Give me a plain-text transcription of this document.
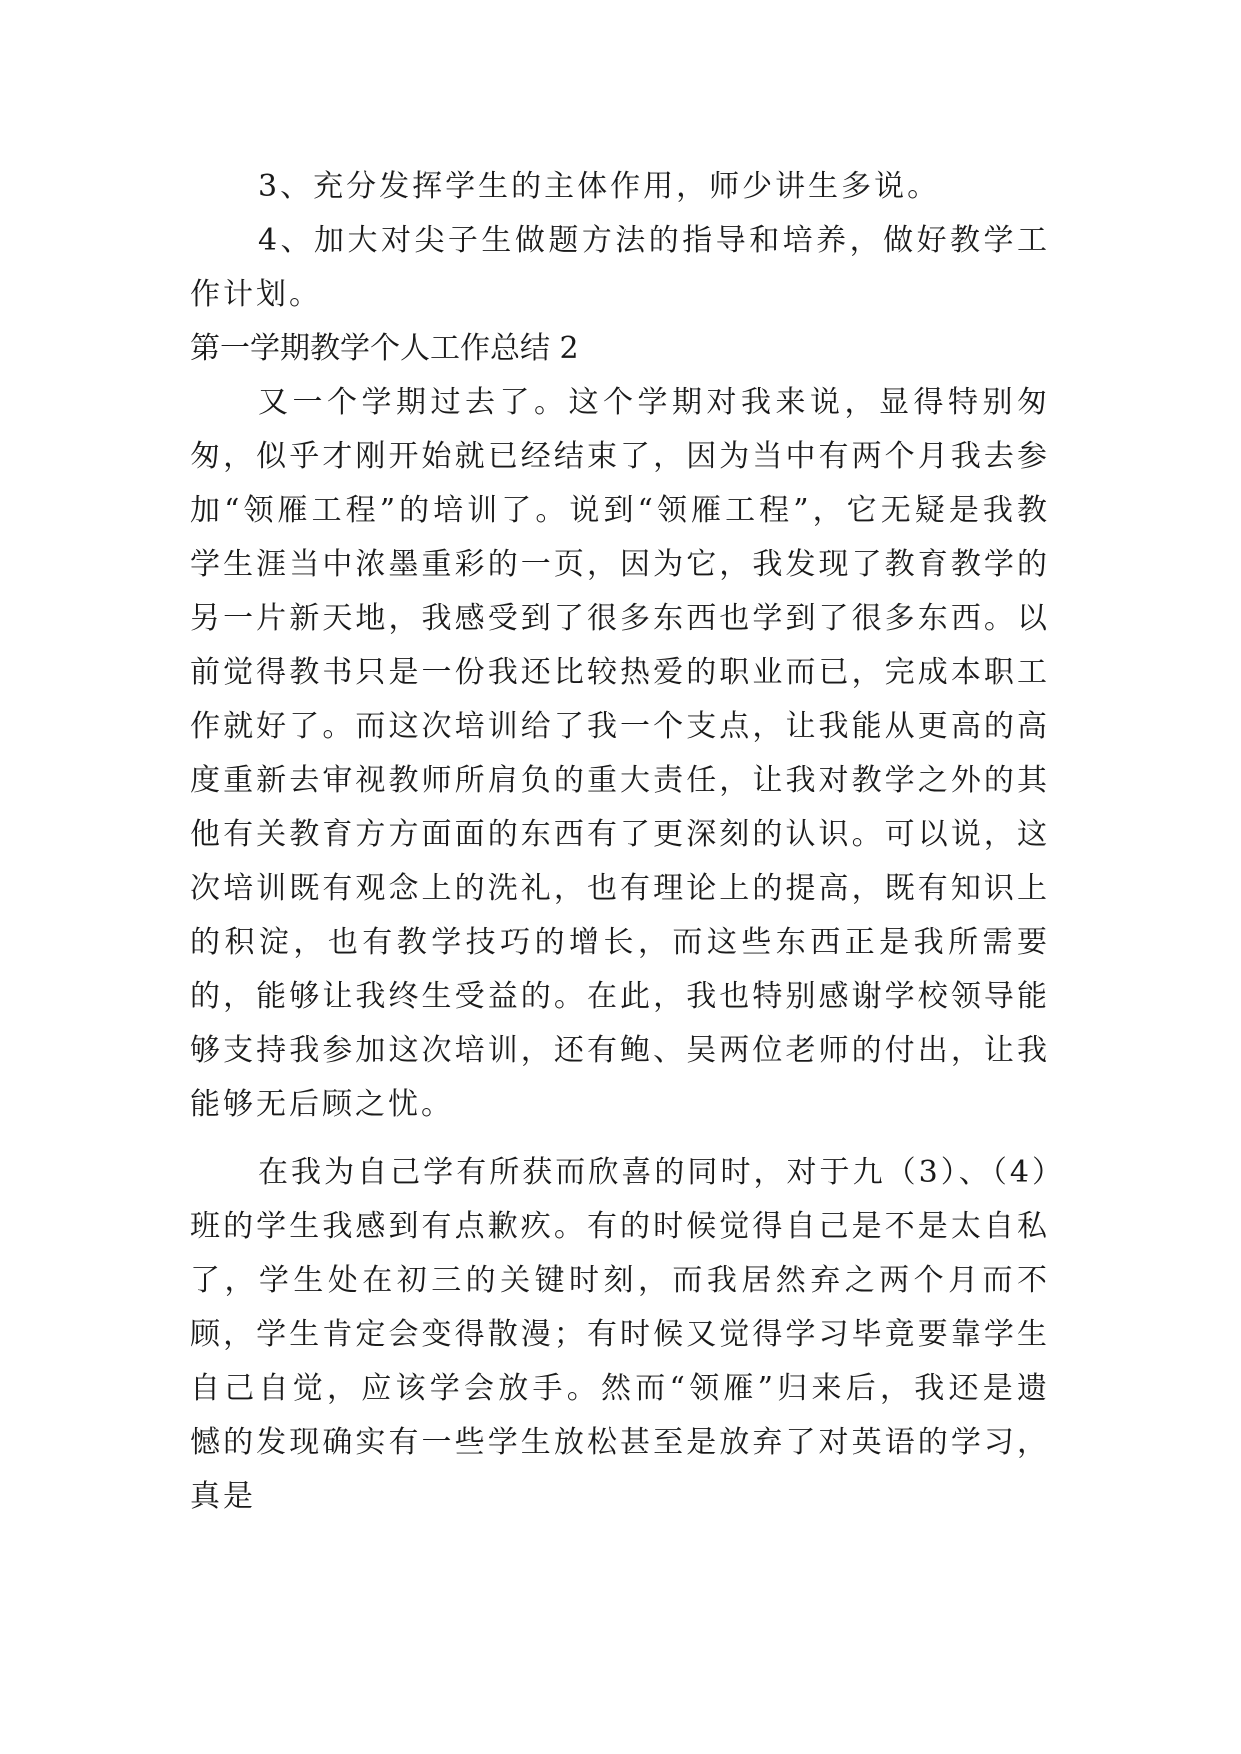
3、充分发挥学生的主体作用，师少讲生多说。

4、加大对尖子生做题方法的指导和培养，做好教学工作计划。

第一学期教学个人工作总结 2

又一个学期过去了。这个学期对我来说，显得特别匆匆，似乎才刚开始就已经结束了，因为当中有两个月我去参加“领雁工程”的培训了。说到“领雁工程”，它无疑是我教学生涯当中浓墨重彩的一页，因为它，我发现了教育教学的另一片新天地，我感受到了很多东西也学到了很多东西。以前觉得教书只是一份我还比较热爱的职业而已，完成本职工作就好了。而这次培训给了我一个支点，让我能从更高的高度重新去审视教师所肩负的重大责任，让我对教学之外的其他有关教育方方面面的东西有了更深刻的认识。可以说，这次培训既有观念上的洗礼，也有理论上的提高，既有知识上的积淀，也有教学技巧的增长，而这些东西正是我所需要的，能够让我终生受益的。在此，我也特别感谢学校领导能够支持我参加这次培训，还有鲍、吴两位老师的付出，让我能够无后顾之忧。

在我为自己学有所获而欣喜的同时，对于九（3）、（4）班的学生我感到有点歉疚。有的时候觉得自己是不是太自私了，学生处在初三的关键时刻，而我居然弃之两个月而不顾，学生肯定会变得散漫；有时候又觉得学习毕竟要靠学生自己自觉，应该学会放手。然而“领雁”归来后，我还是遗憾的发现确实有一些学生放松甚至是放弃了对英语的学习，真是
